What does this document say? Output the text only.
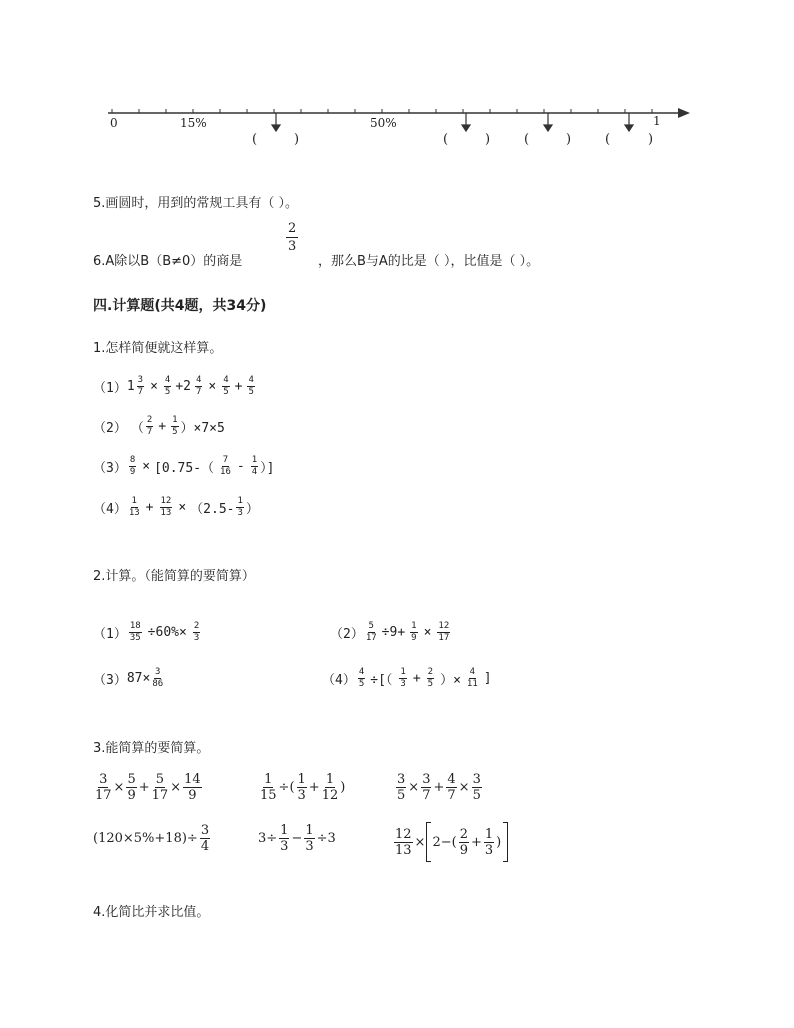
0	15%	50%	1
(	)	(	)	(	)	(	)
5.画圆时，用到的常规工具有（ ）。
6.A除以B（B≠0）的商是
2
3
，那么B与A的比是（ ），比值是（ ）。
四.计算题(共4题，共34分)
1.怎样简便就这样算。
（1） $1 \frac{3}{7} \times \frac{4}{5} +2 \frac{4}{7} \times \frac{4}{5} + \frac{4}{5}$
（2） （ $\frac{2}{7} + \frac{1}{5} )\times 7\times 5$
$(3) \frac{8}{9} \times [0.75-( \frac{7}{16} - \frac{1}{4}$ ）]
$(4) \frac{1}{13} + \frac{12}{13} \times (2.5- \frac{1}{3}$ ）
2.计算。（能简算的要简算）
$(1) \frac{18}{35} \div 60\%\times \frac{2}{3}$	$(2) \frac{5}{17} \div 9+ \frac{1}{9} \times \frac{12}{17}$
（3） $87\times \frac{3}{86}$	$(4) \frac{4}{5}$ ÷[（ $\frac{1}{3} + \frac{2}{5}$ ）× $\frac{4}{11}$ ]
3.能简算的要简算。
$\frac{3}{17} \times \frac{5}{9} + \frac{5}{17} \times \frac{14}{9}$	$\frac{1}{15}$ ÷( $\frac{1}{3} + \frac{1}{12}$ )	$\frac{3}{5} \times \frac{3}{7} + \frac{4}{7} \times \frac{3}{5}$
$(120\times 5\%+18)\div \frac{3}{4}$	$3\div \frac{1}{3} - \frac{1}{3} \div 3$	$\frac{12}{13} \times 2-( \frac{2}{9} + \frac{1}{3}$ )
4.化简比并求比值。
